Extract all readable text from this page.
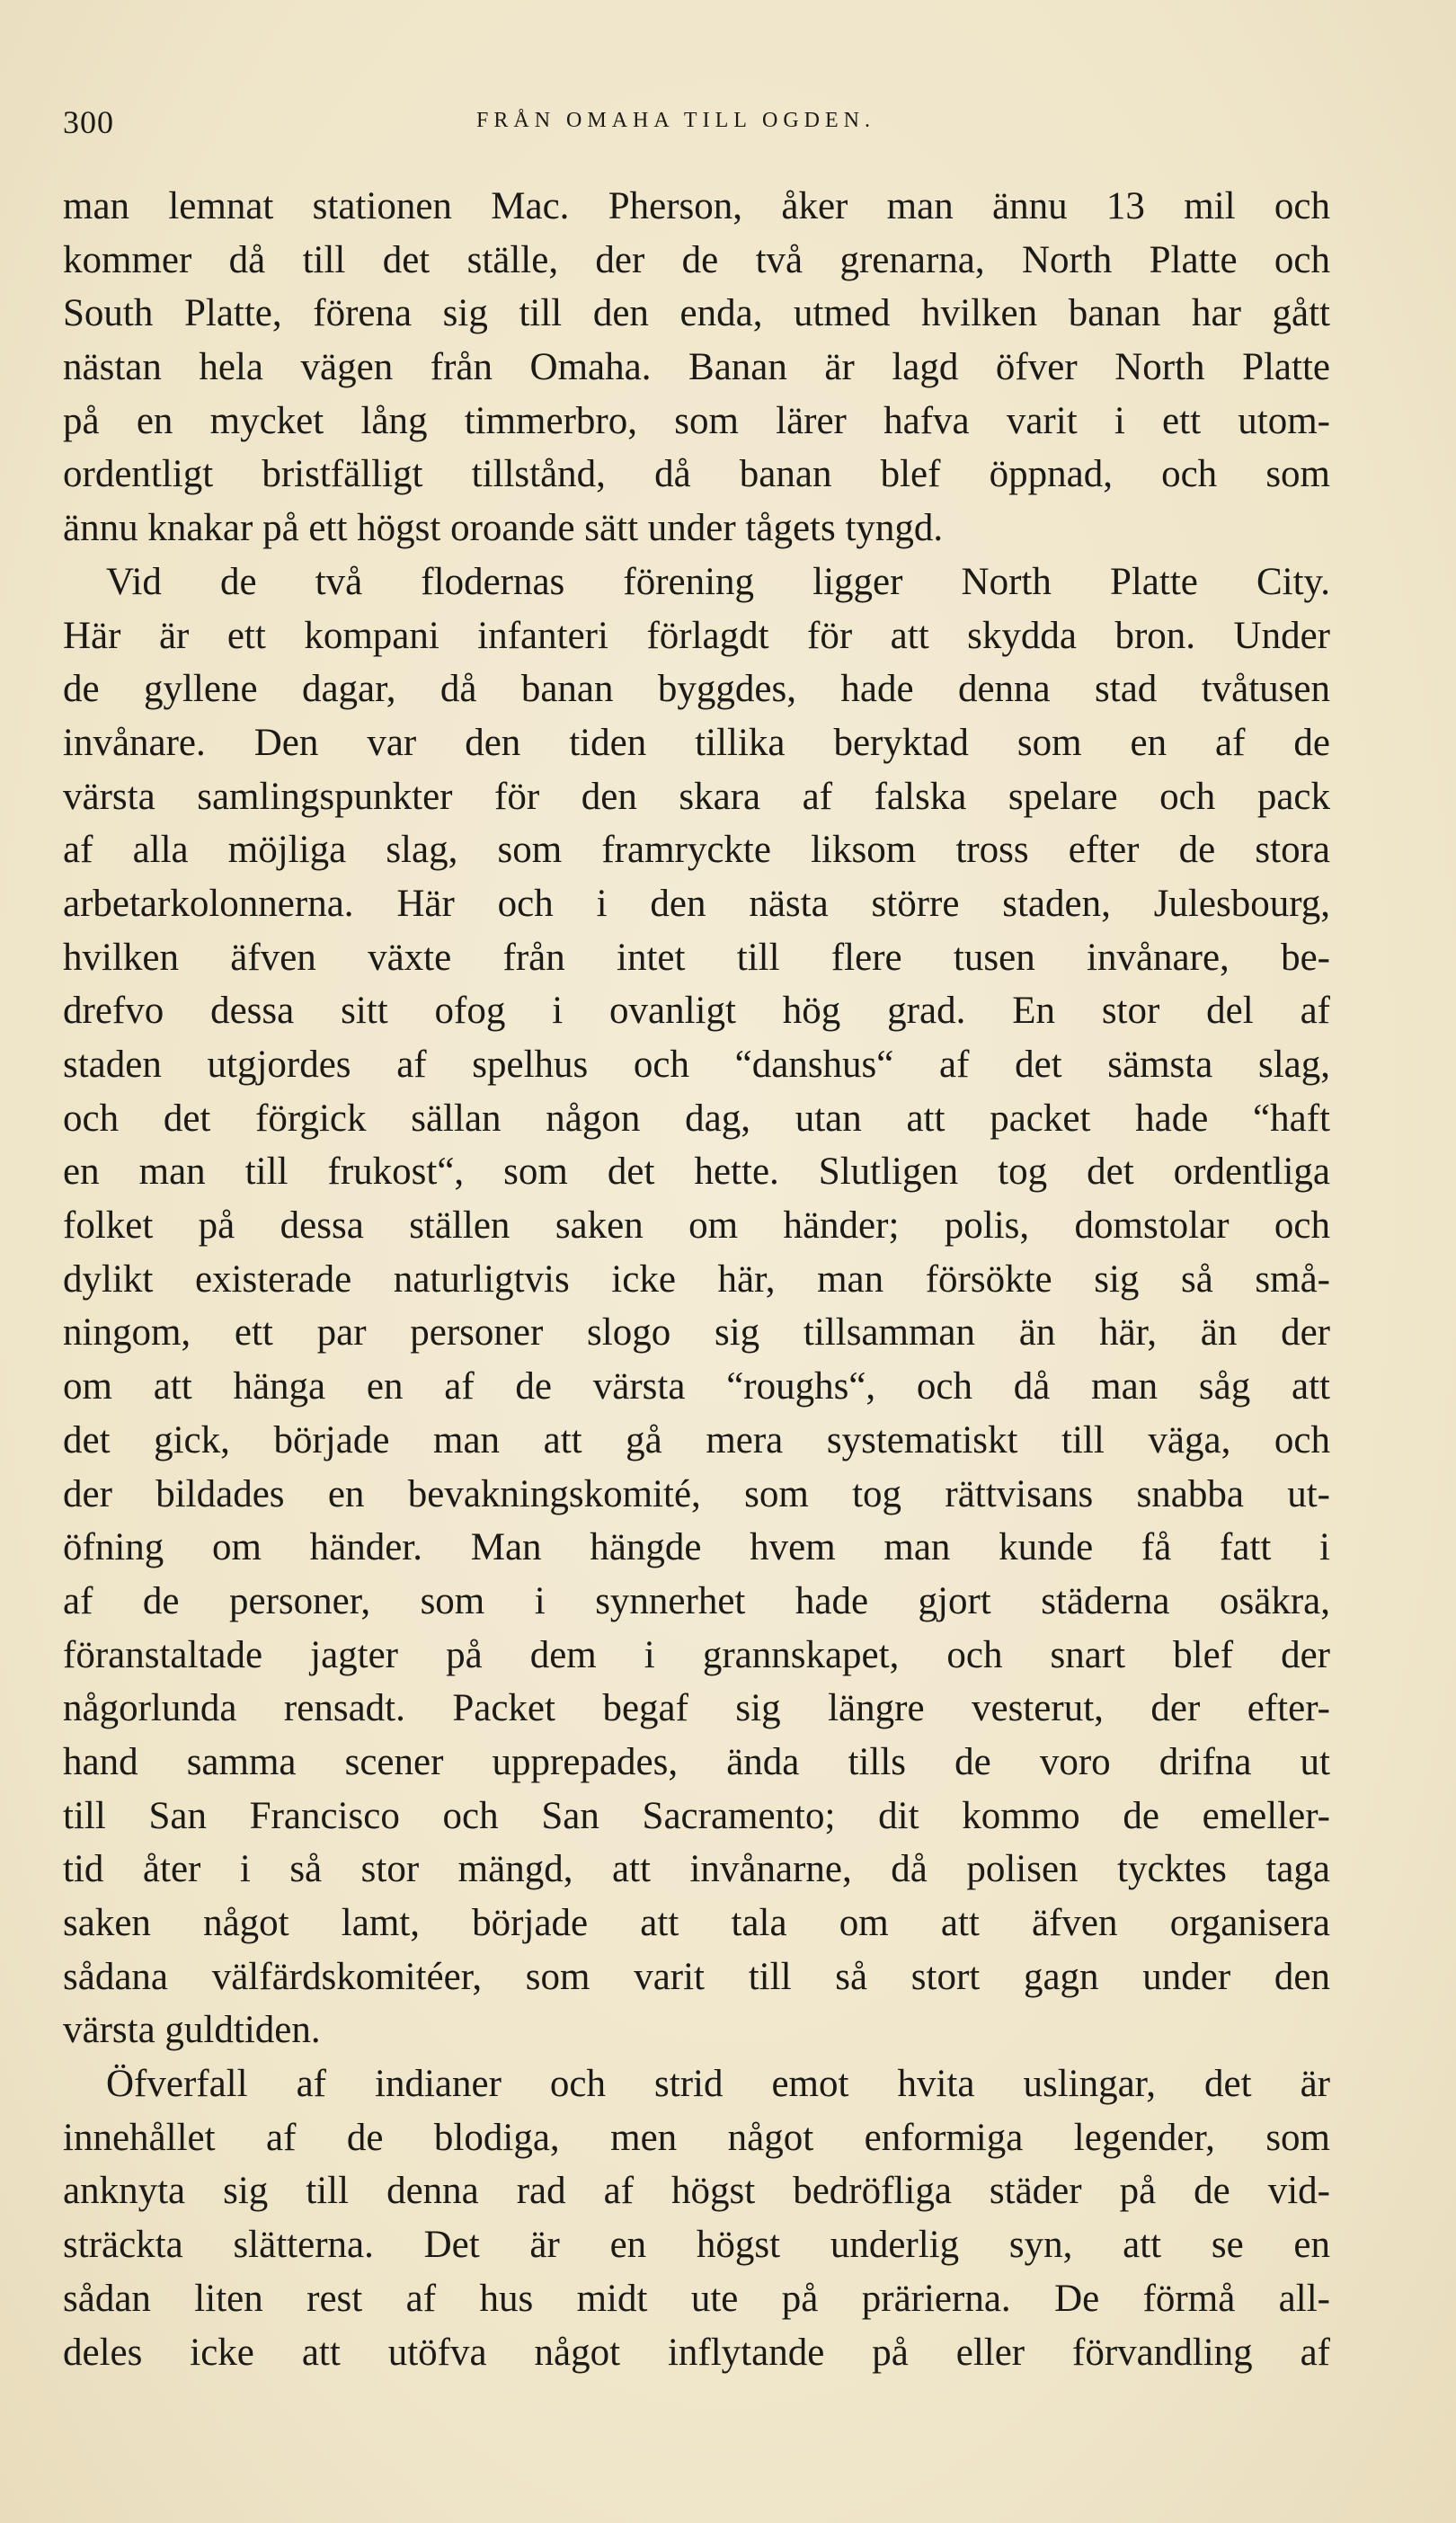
300	FRÅN OMAHA TILL OGDEN.
man lemnat stationen Mac. Pherson, åker man ännu 13 mil och
kommer då till det ställe, der de två grenarna, North Platte och
South Platte, förena sig till den enda, utmed hvilken banan har gått
nästan hela vägen från Omaha. Banan är lagd öfver North Platte
på en mycket lång timmerbro, som lärer hafva varit i ett utom-
ordentligt bristfälligt tillstånd, då banan blef öppnad, och som
ännu knakar på ett högst oroande sätt under tågets tyngd.
Vid de två flodernas förening ligger North Platte City.
Här är ett kompani infanteri förlagdt för att skydda bron. Under
de gyllene dagar, då banan byggdes, hade denna stad tvåtusen
invånare. Den var den tiden tillika beryktad som en af de
värsta samlingspunkter för den skara af falska spelare och pack
af alla möjliga slag, som framryckte liksom tross efter de stora
arbetarkolonnerna. Här och i den nästa större staden, Julesbourg,
hvilken äfven växte från intet till flere tusen invånare, be-
drefvo dessa sitt ofog i ovanligt hög grad. En stor del af
staden utgjordes af spelhus och “danshus“ af det sämsta slag,
och det förgick sällan någon dag, utan att packet hade “haft
en man till frukost“, som det hette. Slutligen tog det ordentliga
folket på dessa ställen saken om händer; polis, domstolar och
dylikt existerade naturligtvis icke här, man försökte sig så små-
ningom, ett par personer slogo sig tillsamman än här, än der
om att hänga en af de värsta “roughs“, och då man såg att
det gick, började man att gå mera systematiskt till väga, och
der bildades en bevakningskomité, som tog rättvisans snabba ut-
öfning om händer. Man hängde hvem man kunde få fatt i
af de personer, som i synnerhet hade gjort städerna osäkra,
föranstaltade jagter på dem i grannskapet, och snart blef der
någorlunda rensadt. Packet begaf sig längre vesterut, der efter-
hand samma scener upprepades, ända tills de voro drifna ut
till San Francisco och San Sacramento; dit kommo de emeller-
tid åter i så stor mängd, att invånarne, då polisen tycktes taga
saken något lamt, började att tala om att äfven organisera
sådana välfärdskomitéer, som varit till så stort gagn under den
värsta guldtiden.
Öfverfall af indianer och strid emot hvita uslingar, det är
innehållet af de blodiga, men något enformiga legender, som
anknyta sig till denna rad af högst bedröfliga städer på de vid-
sträckta slätterna. Det är en högst underlig syn, att se en
sådan liten rest af hus midt ute på prärierna. De förmå all-
deles icke att utöfva något inflytande på eller förvandling af
